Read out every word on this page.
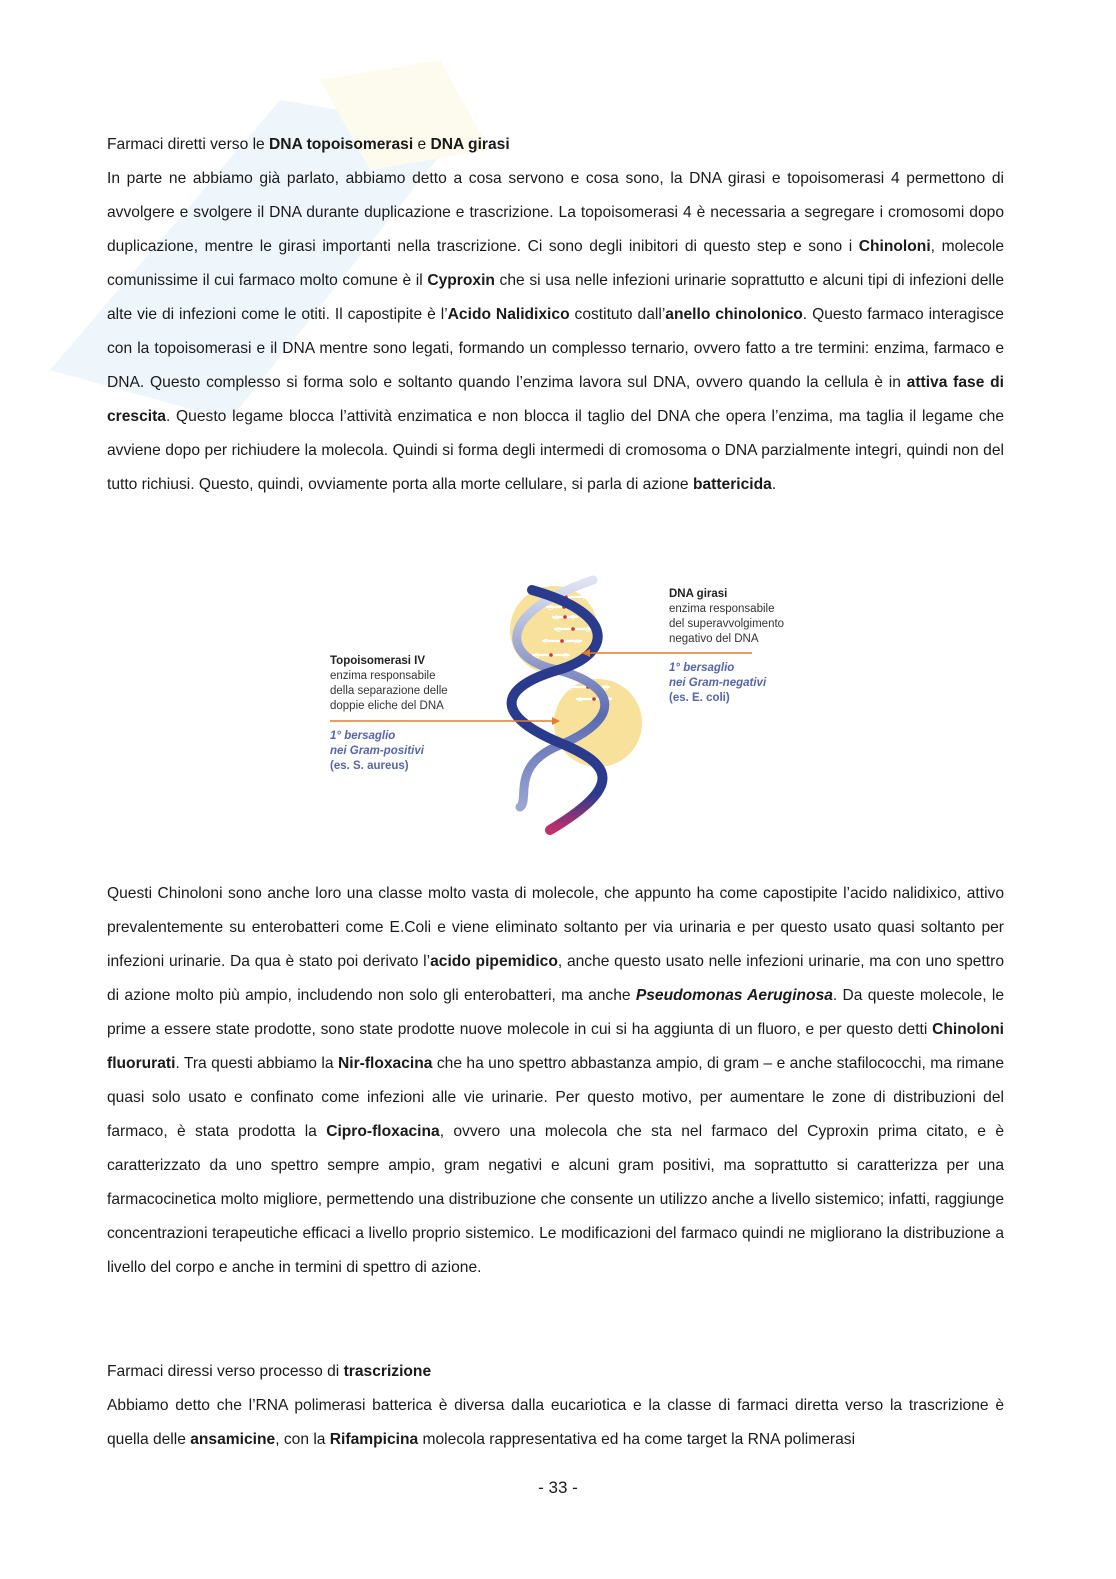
Farmaci diretti verso le DNA topoisomerasi e DNA girasi

In parte ne abbiamo già parlato, abbiamo detto a cosa servono e cosa sono, la DNA girasi e topoisomerasi 4 permettono di avvolgere e svolgere il DNA durante duplicazione e trascrizione. La topoisomerasi 4 è necessaria a segregare i cromosomi dopo duplicazione, mentre le girasi importanti nella trascrizione. Ci sono degli inibitori di questo step e sono i Chinoloni, molecole comunissime il cui farmaco molto comune è il Cyproxin che si usa nelle infezioni urinarie soprattutto e alcuni tipi di infezioni delle alte vie di infezioni come le otiti. Il capostipite è l’Acido Nalidixico costituto dall’anello chinolonico. Questo farmaco interagisce con la topoisomerasi e il DNA mentre sono legati, formando un complesso ternario, ovvero fatto a tre termini: enzima, farmaco e DNA. Questo complesso si forma solo e soltanto quando l’enzima lavora sul DNA, ovvero quando la cellula è in attiva fase di crescita. Questo legame blocca l’attività enzimatica e non blocca il taglio del DNA che opera l’enzima, ma taglia il legame che avviene dopo per richiudere la molecola. Quindi si forma degli intermedi di cromosoma o DNA parzialmente integri, quindi non del tutto richiusi. Questo, quindi, ovviamente porta alla morte cellulare, si parla di azione battericida.

T	A
G	C
A T
C	G
T	A
G	C
A	T
C	G
A	T
Topoisomerasi IV
enzima responsabile
della separazione delle
doppie eliche del DNA
1° bersaglio
nei Gram-positivi
(es. S. aureus)
DNA girasi
enzima responsabile
del superavvolgimento
negativo del DNA
1° bersaglio
nei Gram-negativi
(es. E. coli)

Questi Chinoloni sono anche loro una classe molto vasta di molecole, che appunto ha come capostipite l’acido nalidixico, attivo prevalentemente su enterobatteri come E.Coli e viene eliminato soltanto per via urinaria e per questo usato quasi soltanto per infezioni urinarie. Da qua è stato poi derivato l’acido pipemidico, anche questo usato nelle infezioni urinarie, ma con uno spettro di azione molto più ampio, includendo non solo gli enterobatteri, ma anche Pseudomonas Aeruginosa. Da queste molecole, le prime a essere state prodotte, sono state prodotte nuove molecole in cui si ha aggiunta di un fluoro, e per questo detti Chinoloni fluorurati. Tra questi abbiamo la Nir-floxacina che ha uno spettro abbastanza ampio, di gram – e anche stafilococchi, ma rimane quasi solo usato e confinato come infezioni alle vie urinarie. Per questo motivo, per aumentare le zone di distribuzioni del farmaco, è stata prodotta la Cipro-floxacina, ovvero una molecola che sta nel farmaco del Cyproxin prima citato, e è caratterizzato da uno spettro sempre ampio, gram negativi e alcuni gram positivi, ma soprattutto si caratterizza per una farmacocinetica molto migliore, permettendo una distribuzione che consente un utilizzo anche a livello sistemico; infatti, raggiunge concentrazioni terapeutiche efficaci a livello proprio sistemico. Le modificazioni del farmaco quindi ne migliorano la distribuzione a livello del corpo e anche in termini di spettro di azione.

Farmaci diressi verso processo di trascrizione

Abbiamo detto che l’RNA polimerasi batterica è diversa dalla eucariotica e la classe di farmaci diretta verso la trascrizione è quella delle ansamicine, con la Rifampicina molecola rappresentativa ed ha come target la RNA polimerasi

- 33 -
